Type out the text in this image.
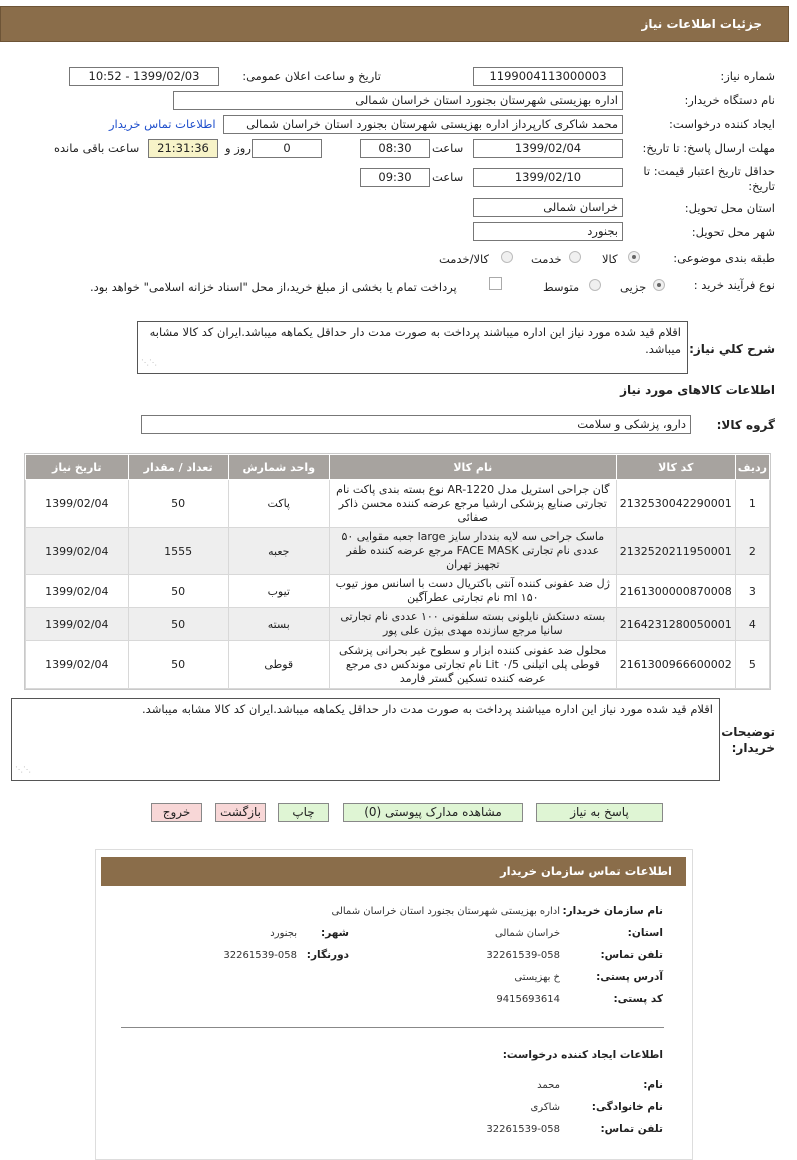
جزئیات اطلاعات نیاز
شماره نیاز:
1199004113000003
تاریخ و ساعت اعلان عمومی:
1399/02/03 - 10:52
نام دستگاه خریدار:
اداره بهزیستی شهرستان بجنورد استان خراسان شمالی
ایجاد کننده درخواست:
محمد شاکری کارپرداز اداره بهزیستی شهرستان بجنورد استان خراسان شمالی
اطلاعات تماس خریدار
مهلت ارسال پاسخ: تا تاریخ:
1399/02/04
ساعت
08:30
0
روز و
21:31:36
ساعت باقی مانده
حداقل تاریخ اعتبار قیمت: تا تاریخ:
1399/02/10
ساعت
09:30
استان محل تحویل:
خراسان شمالی
شهر محل تحویل:
بجنورد
طبقه بندی موضوعی:
کالا
خدمت
کالا/خدمت
نوع فرآیند خرید :
جزیی
متوسط
پرداخت تمام یا بخشی از مبلغ خرید،از محل "اسناد خزانه اسلامی" خواهد بود.
شرح کلي نياز:
اقلام قید شده مورد نیاز این اداره میباشند پرداخت به صورت مدت دار حداقل یکماهه میباشد.ایران کد کالا مشابه میباشد.
⋰⋰
اطلاعات کالاهای مورد نیاز
گروه کالا:
دارو، پزشکی و سلامت
ردیف	کد کالا	نام کالا	واحد شمارش	تعداد / مقدار	تاریخ نیاز
1	2132530042290001	گان جراحی استریل مدل AR-1220 نوع بسته بندی پاکت نام تجارتی صنایع پزشکی ارشیا مرجع عرضه کننده محسن ذاکر صفائی	پاکت	50	1399/02/04
2	2132520211950001	ماسک جراحی سه لایه بنددار سایز large جعبه مقوایی ۵۰ عددی نام تجارتی FACE MASK مرجع عرضه کننده ظفر تجهیز تهران	جعبه	1555	1399/02/04
3	2161300000870008	ژل ضد عفونی کننده آنتی باکتریال دست با اسانس موز تیوب ۱۵۰ ml نام تجارتی عطرآگین	تیوب	50	1399/02/04
4	2164231280050001	بسته دستکش نایلونی بسته سلفونی ۱۰۰ عددی نام تجارتی سانیا مرجع سازنده مهدی بیژن علی پور	بسته	50	1399/02/04
5	2161300966600002	محلول ضد عفونی کننده ابزار و سطوح غیر بحرانی پزشکی قوطی پلی اتیلنی Lit ۰/5 نام تجارتی موندکس دی مرجع عرضه کننده تسکین گستر فارمد	قوطی	50	1399/02/04
توضیحات خریدار:
اقلام قید شده مورد نیاز این اداره میباشند پرداخت به صورت مدت دار حداقل یکماهه میباشد.ایران کد کالا مشابه میباشد.
⋰⋰
پاسخ به نیاز
مشاهده مدارک پیوستی (0)
چاپ
بازگشت
خروج
اطلاعات تماس سازمان خریدار
نام سازمان خریدار:
اداره بهزیستی شهرستان بجنورد استان خراسان شمالی
استان:
خراسان شمالی
شهر:
بجنورد
تلفن تماس:
32261539-058
دورنگار:
32261539-058
آدرس پستی:
خ بهزیستی
کد پستی:
9415693614
اطلاعات ایجاد کننده درخواست:
نام:
محمد
نام خانوادگی:
شاکری
تلفن تماس:
32261539-058
